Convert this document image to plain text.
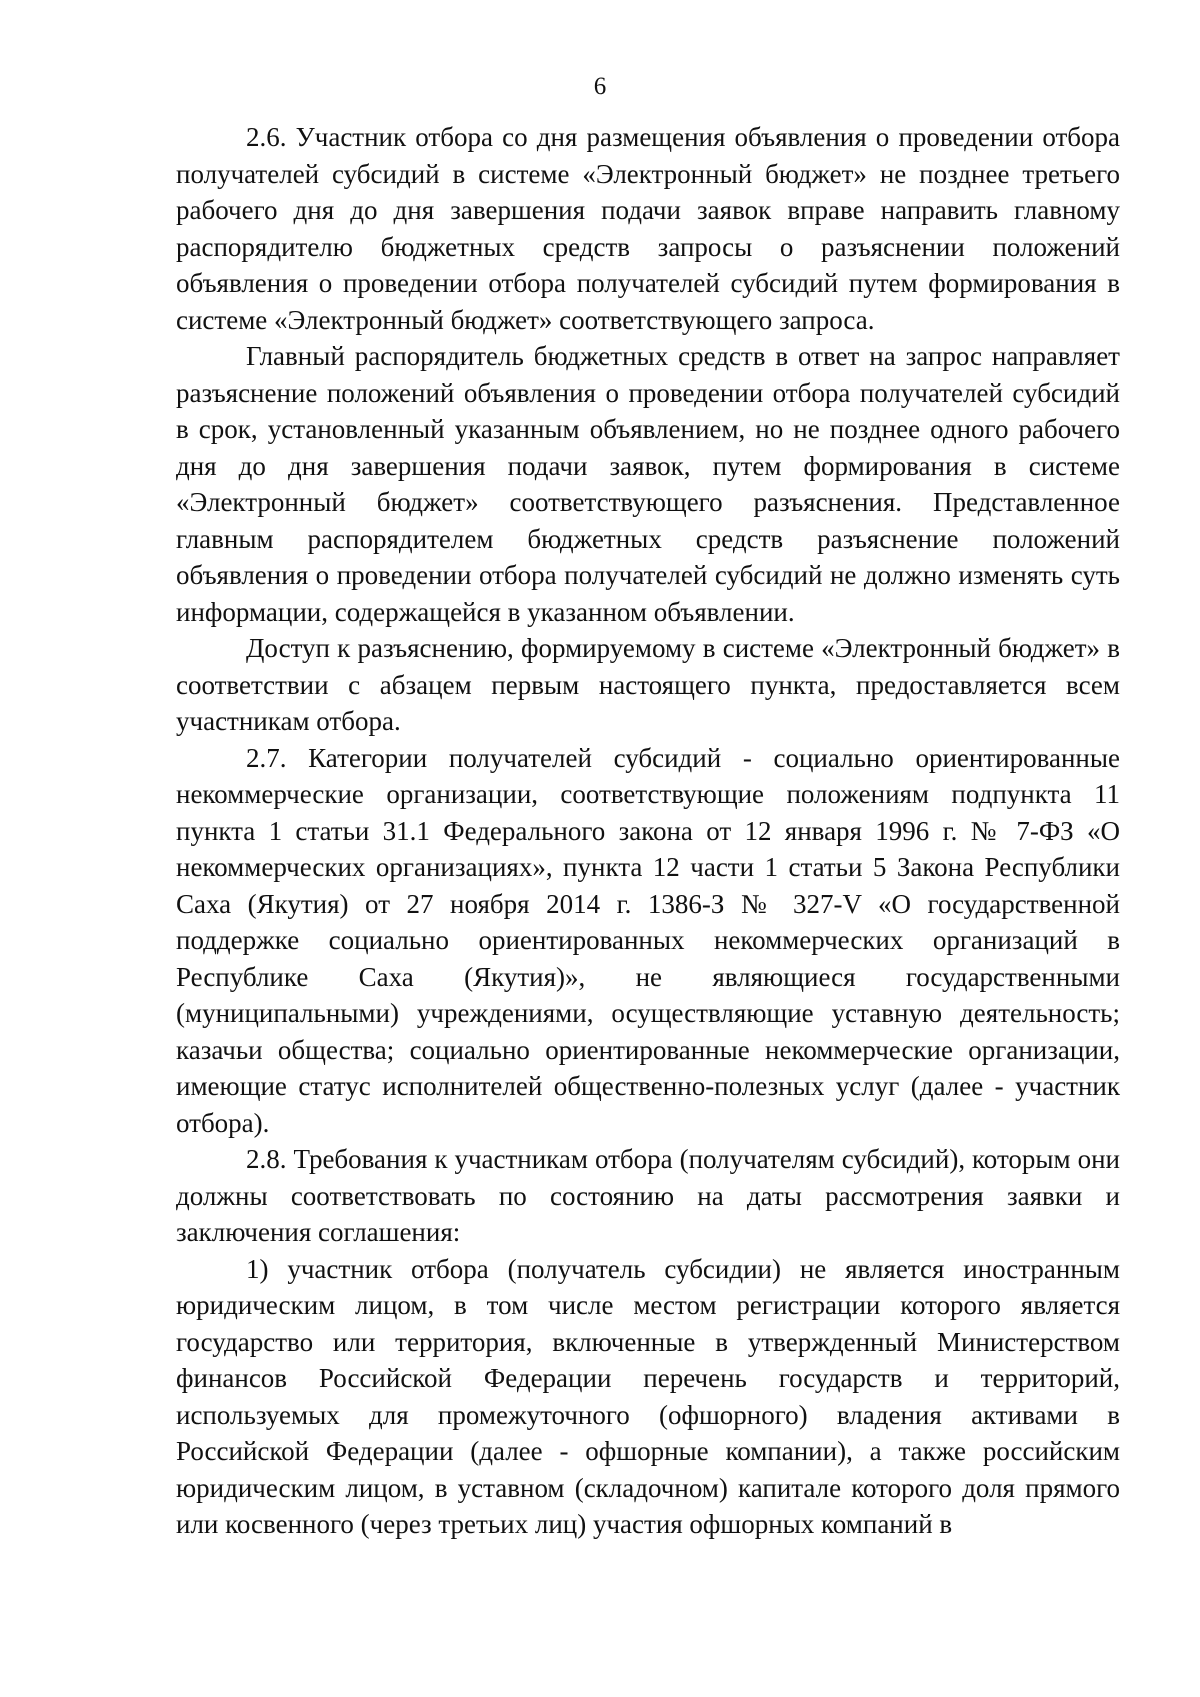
6

2.6. Участник отбора со дня размещения объявления о проведении отбора получателей субсидий в системе «Электронный бюджет» не позднее третьего рабочего дня до дня завершения подачи заявок вправе направить главному распорядителю бюджетных средств запросы о разъяснении положений объявления о проведении отбора получателей субсидий путем формирования в системе «Электронный бюджет» соответствующего запроса.

Главный распорядитель бюджетных средств в ответ на запрос направляет разъяснение положений объявления о проведении отбора получателей субсидий в срок, установленный указанным объявлением, но не позднее одного рабочего дня до дня завершения подачи заявок, путем формирования в системе «Электронный бюджет» соответствующего разъяснения. Представленное главным распорядителем бюджетных средств разъяснение положений объявления о проведении отбора получателей субсидий не должно изменять суть информации, содержащейся в указанном объявлении.

Доступ к разъяснению, формируемому в системе «Электронный бюджет» в соответствии с абзацем первым настоящего пункта, предоставляется всем участникам отбора.

2.7. Категории получателей субсидий - социально ориентированные некоммерческие организации, соответствующие положениям подпункта 11 пункта 1 статьи 31.1 Федерального закона от 12 января 1996 г. № 7-ФЗ «О некоммерческих организациях», пункта 12 части 1 статьи 5 Закона Республики Саха (Якутия) от 27 ноября 2014 г. 1386-З № 327-V «О государственной поддержке социально ориентированных некоммерческих организаций в Республике Саха (Якутия)», не являющиеся государственными (муниципальными) учреждениями, осуществляющие уставную деятельность; казачьи общества; социально ориентированные некоммерческие организации, имеющие статус исполнителей общественно-полезных услуг (далее - участник отбора).

2.8. Требования к участникам отбора (получателям субсидий), которым они должны соответствовать по состоянию на даты рассмотрения заявки и заключения соглашения:

1) участник отбора (получатель субсидии) не является иностранным юридическим лицом, в том числе местом регистрации которого является государство или территория, включенные в утвержденный Министерством финансов Российской Федерации перечень государств и территорий, используемых для промежуточного (офшорного) владения активами в Российской Федерации (далее - офшорные компании), а также российским юридическим лицом, в уставном (складочном) капитале которого доля прямого или косвенного (через третьих лиц) участия офшорных компаний в
